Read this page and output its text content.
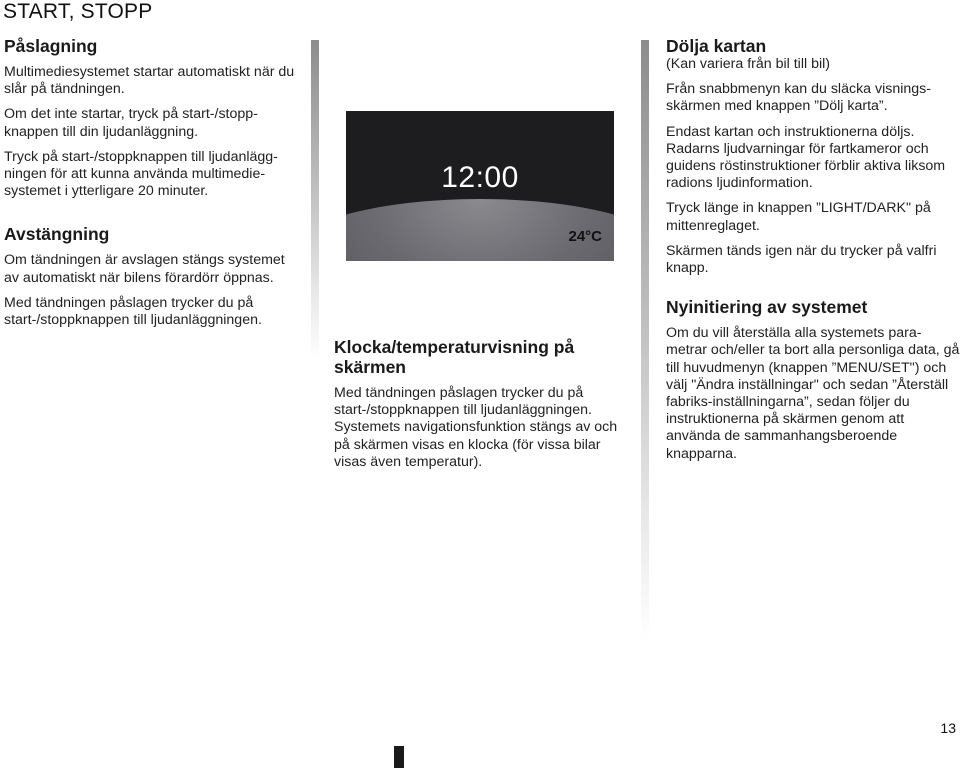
START, STOPP
Påslagning

Multimediesystemet startar automatiskt när du slår på tändningen.

Om det inte startar, tryck på start-/stopp-knappen till din ljudanläggning.

Tryck på start-/stoppknappen till ljudanlägg-ningen för att kunna använda multimedie-systemet i ytterligare 20 minuter.

Avstängning

Om tändningen är avslagen stängs systemet av automatiskt när bilens förardörr öppnas.

Med tändningen påslagen trycker du på start-/stoppknappen till ljudanläggningen.

12:00
24°C
Klocka/temperaturvisning på skärmen

Med tändningen påslagen trycker du på start-/stoppknappen till ljudanläggningen. Systemets navigationsfunktion stängs av och på skärmen visas en klocka (för vissa bilar visas även temperatur).

Dölja kartan

(Kan variera från bil till bil)

Från snabbmenyn kan du släcka visnings-skärmen med knappen ”Dölj karta”.

Endast kartan och instruktionerna döljs. Radarns ljudvarningar för fartkameror och guidens röstinstruktioner förblir aktiva liksom radions ljudinformation.

Tryck länge in knappen ”LIGHT/DARK" på mittenreglaget.

Skärmen tänds igen när du trycker på valfri knapp.

Nyinitiering av systemet

Om du vill återställa alla systemets para-metrar och/eller ta bort alla personliga data, gå till huvudmenyn (knappen ”MENU/SET") och välj "Ändra inställningar" och sedan ”Återställ fabriks-inställningarna”, sedan följer du instruktionerna på skärmen genom att använda de sammanhangsberoende knapparna.

13
